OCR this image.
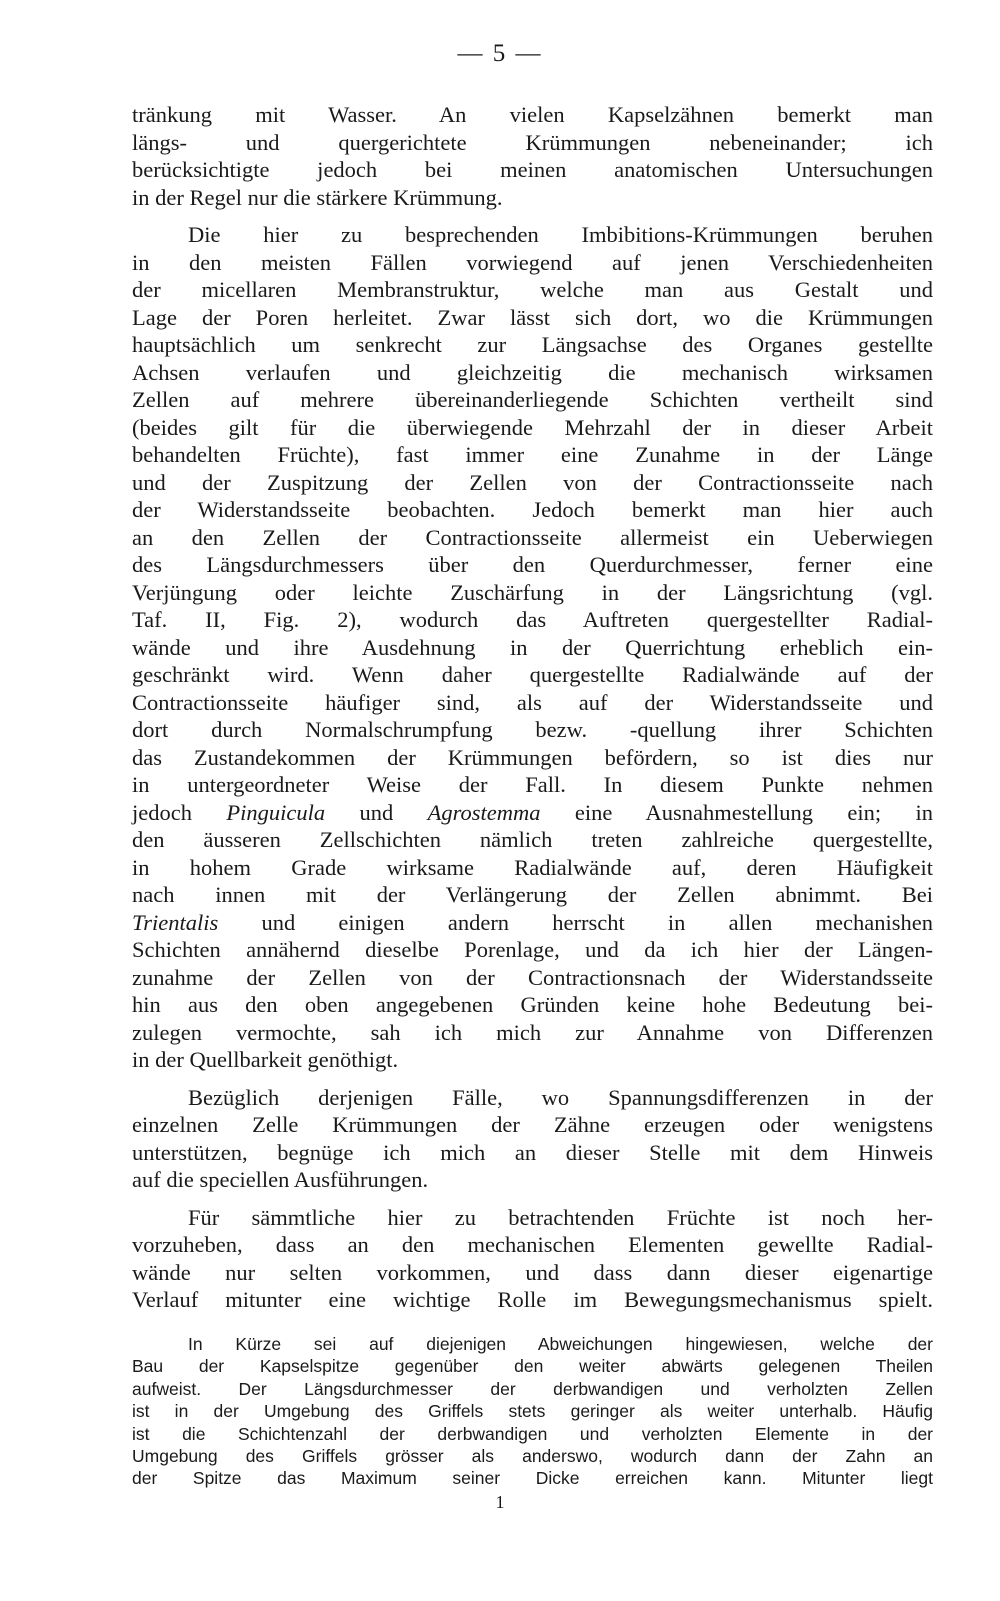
— 5 —
tränkung mit Wasser. An vielen Kapselzähnen bemerkt man
längs- und quergerichtete Krümmungen nebeneinander; ich
berücksichtigte jedoch bei meinen anatomischen Untersuchungen
in der Regel nur die stärkere Krümmung.
Die hier zu besprechenden Imbibitions-Krümmungen beruhen
in den meisten Fällen vorwiegend auf jenen Verschiedenheiten
der micellaren Membranstruktur, welche man aus Gestalt und
Lage der Poren herleitet. Zwar lässt sich dort, wo die Krümmungen
hauptsächlich um senkrecht zur Längsachse des Organes gestellte
Achsen verlaufen und gleichzeitig die mechanisch wirksamen
Zellen auf mehrere übereinanderliegende Schichten vertheilt sind
(beides gilt für die überwiegende Mehrzahl der in dieser Arbeit
behandelten Früchte), fast immer eine Zunahme in der Länge
und der Zuspitzung der Zellen von der Contractionsseite nach
der Widerstandsseite beobachten. Jedoch bemerkt man hier auch
an den Zellen der Contractionsseite allermeist ein Ueberwiegen
des Längsdurchmessers über den Querdurchmesser, ferner eine
Verjüngung oder leichte Zuschärfung in der Längsrichtung (vgl.
Taf. II, Fig. 2), wodurch das Auftreten quergestellter Radial-
wände und ihre Ausdehnung in der Querrichtung erheblich ein-
geschränkt wird. Wenn daher quergestellte Radialwände auf der
Contractionsseite häufiger sind, als auf der Widerstandsseite und
dort durch Normalschrumpfung bezw. -quellung ihrer Schichten
das Zustandekommen der Krümmungen befördern, so ist dies nur
in untergeordneter Weise der Fall. In diesem Punkte nehmen
jedoch Pinguicula und Agrostemma eine Ausnahmestellung ein; in
den äusseren Zellschichten nämlich treten zahlreiche quergestellte,
in hohem Grade wirksame Radialwände auf, deren Häufigkeit
nach innen mit der Verlängerung der Zellen abnimmt. Bei
Trientalis und einigen andern herrscht in allen mechanishen
Schichten annähernd dieselbe Porenlage, und da ich hier der Längen-
zunahme der Zellen von der Contractionsnach der Widerstandsseite
hin aus den oben angegebenen Gründen keine hohe Bedeutung bei-
zulegen vermochte, sah ich mich zur Annahme von Differenzen
in der Quellbarkeit genöthigt.
Bezüglich derjenigen Fälle, wo Spannungsdifferenzen in der
einzelnen Zelle Krümmungen der Zähne erzeugen oder wenigstens
unterstützen, begnüge ich mich an dieser Stelle mit dem Hinweis
auf die speciellen Ausführungen.
Für sämmtliche hier zu betrachtenden Früchte ist noch her-
vorzuheben, dass an den mechanischen Elementen gewellte Radial-
wände nur selten vorkommen, und dass dann dieser eigenartige
Verlauf mitunter eine wichtige Rolle im Bewegungsmechanismus spielt.
In Kürze sei auf diejenigen Abweichungen hingewiesen, welche der
Bau der Kapselspitze gegenüber den weiter abwärts gelegenen Theilen
aufweist. Der Längsdurchmesser der derbwandigen und verholzten Zellen
ist in der Umgebung des Griffels stets geringer als weiter unterhalb. Häufig
ist die Schichtenzahl der derbwandigen und verholzten Elemente in der
Umgebung des Griffels grösser als anderswo, wodurch dann der Zahn an
der Spitze das Maximum seiner Dicke erreichen kann. Mitunter liegt
1
